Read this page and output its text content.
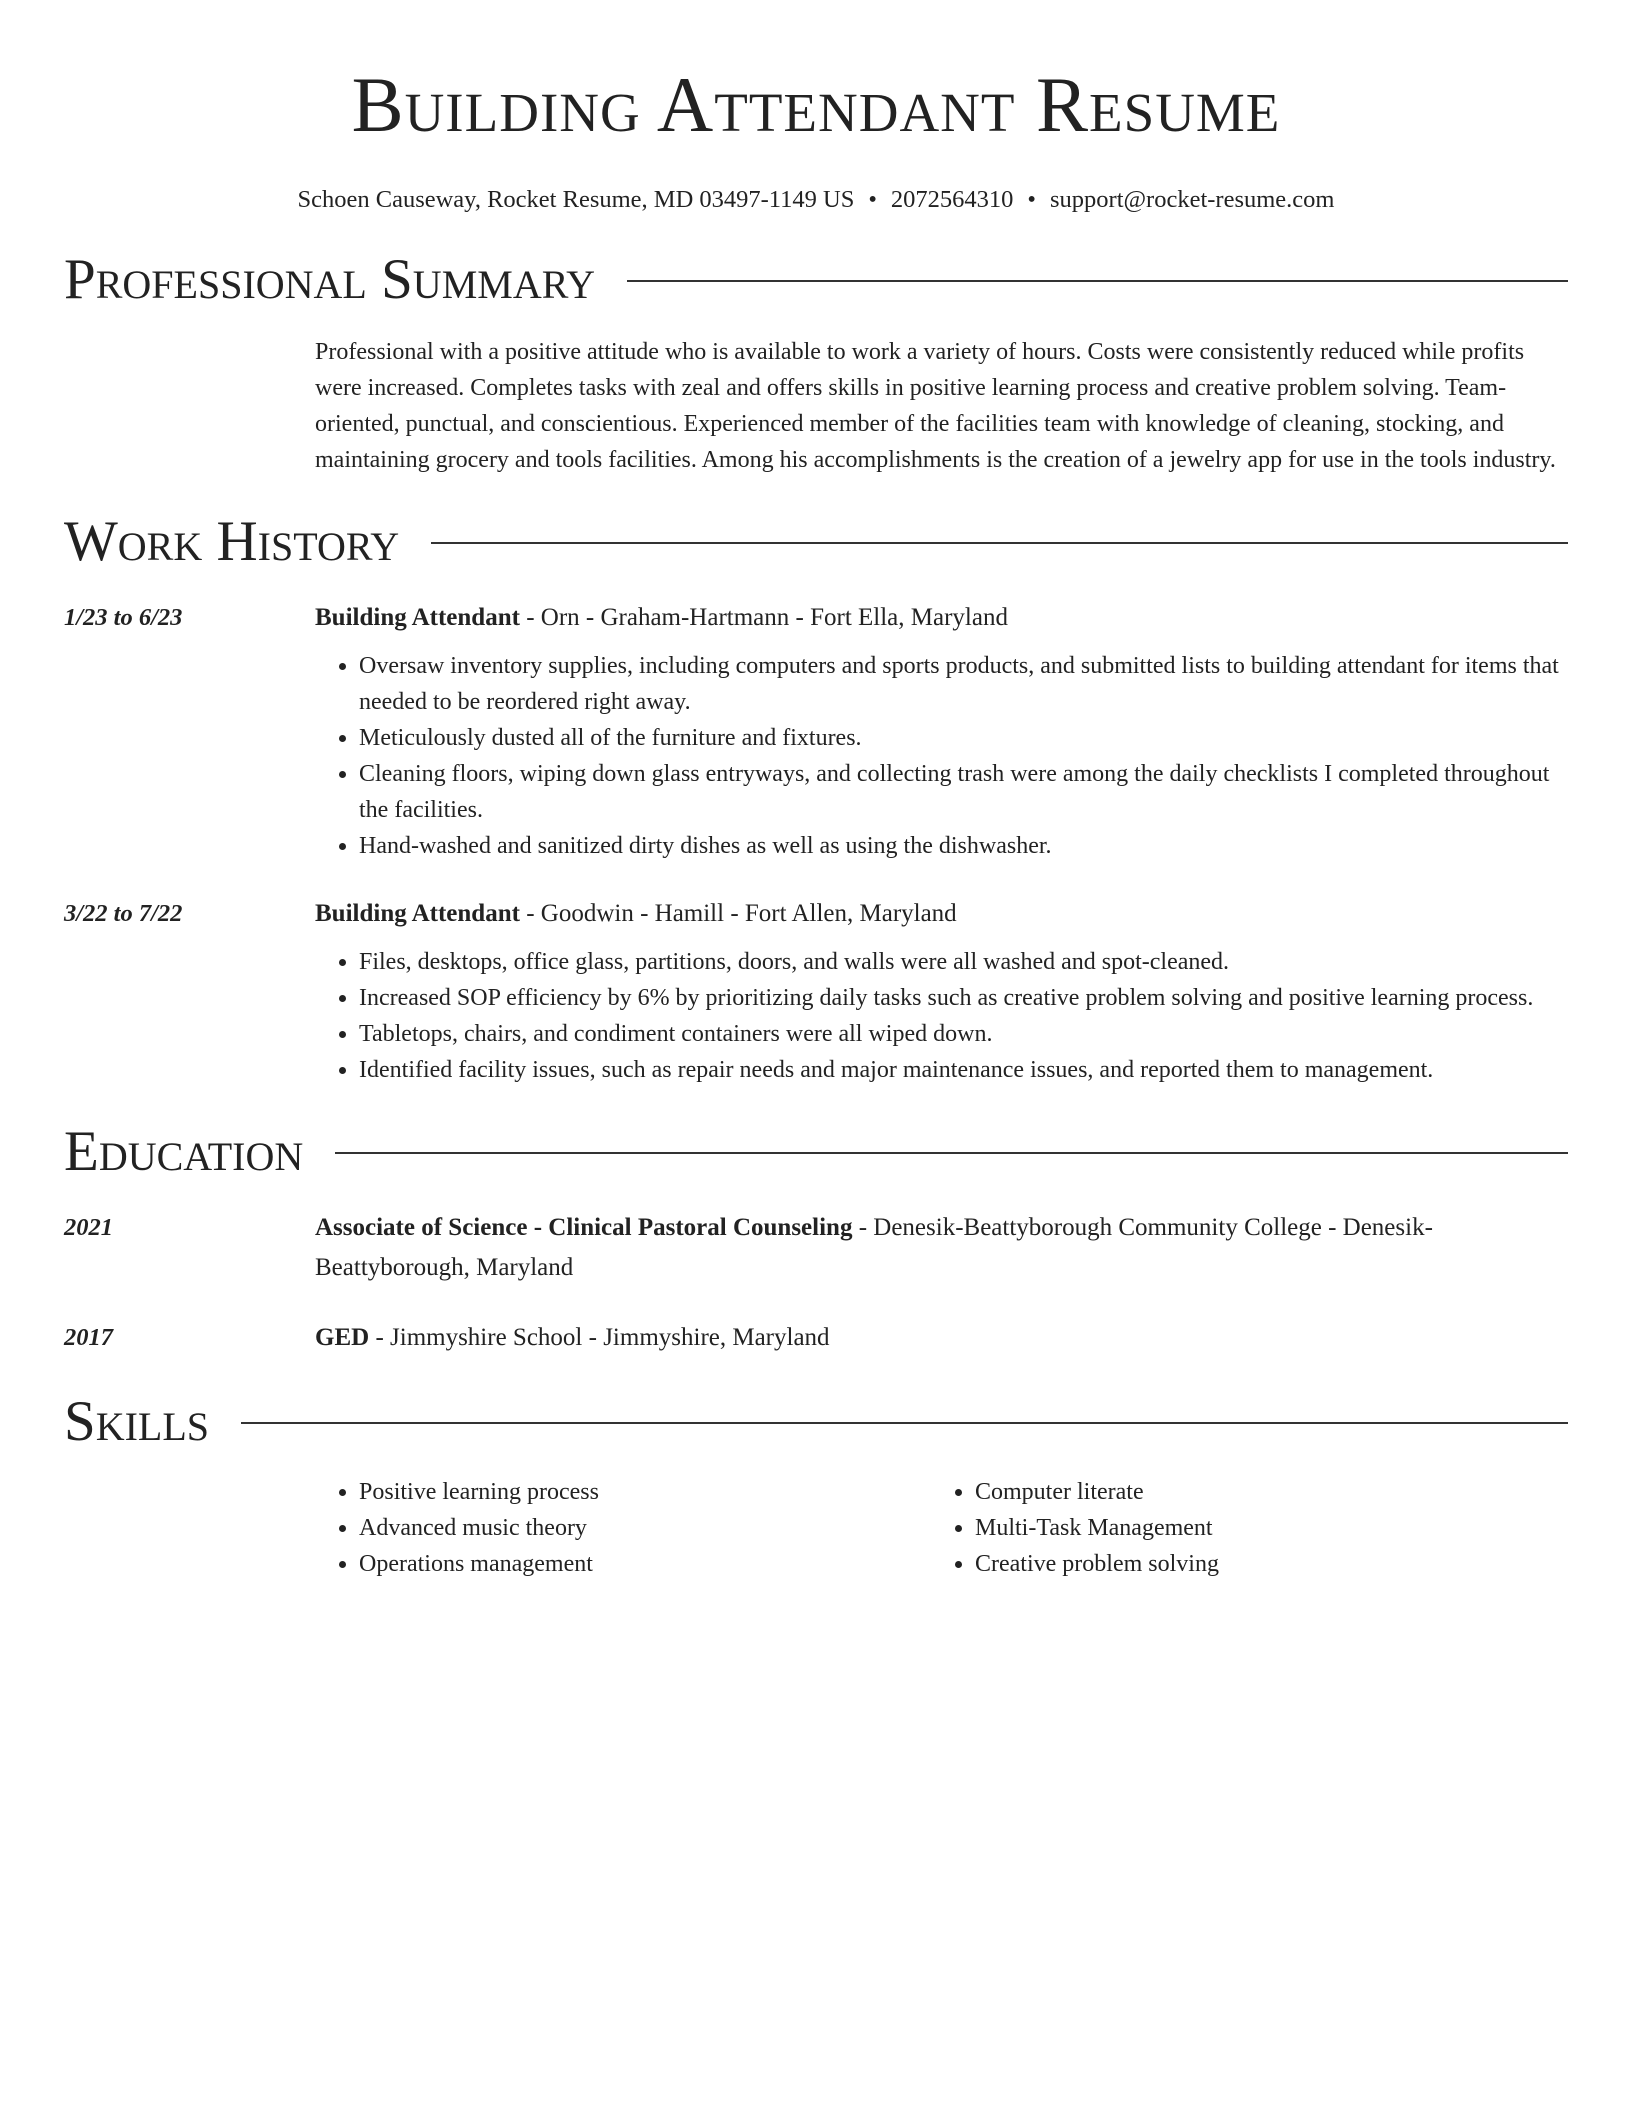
Building Attendant Resume
Schoen Causeway, Rocket Resume, MD 03497-1149 US • 2072564310 • support@rocket-resume.com
Professional Summary
Professional with a positive attitude who is available to work a variety of hours. Costs were consistently reduced while profits were increased. Completes tasks with zeal and offers skills in positive learning process and creative problem solving. Team-oriented, punctual, and conscientious. Experienced member of the facilities team with knowledge of cleaning, stocking, and maintaining grocery and tools facilities. Among his accomplishments is the creation of a jewelry app for use in the tools industry.
Work History
1/23 to 6/23	Building Attendant - Orn - Graham-Hartmann - Fort Ella, Maryland
• Oversaw inventory supplies, including computers and sports products, and submitted lists to building attendant for items that needed to be reordered right away.
• Meticulously dusted all of the furniture and fixtures.
• Cleaning floors, wiping down glass entryways, and collecting trash were among the daily checklists I completed throughout the facilities.
• Hand-washed and sanitized dirty dishes as well as using the dishwasher.
3/22 to 7/22	Building Attendant - Goodwin - Hamill - Fort Allen, Maryland
• Files, desktops, office glass, partitions, doors, and walls were all washed and spot-cleaned.
• Increased SOP efficiency by 6% by prioritizing daily tasks such as creative problem solving and positive learning process.
• Tabletops, chairs, and condiment containers were all wiped down.
• Identified facility issues, such as repair needs and major maintenance issues, and reported them to management.
Education
2021	Associate of Science - Clinical Pastoral Counseling - Denesik-Beattyborough Community College - Denesik-Beattyborough, Maryland
2017	GED - Jimmyshire School - Jimmyshire, Maryland
Skills
• Positive learning process
• Advanced music theory
• Operations management
• Computer literate
• Multi-Task Management
• Creative problem solving
